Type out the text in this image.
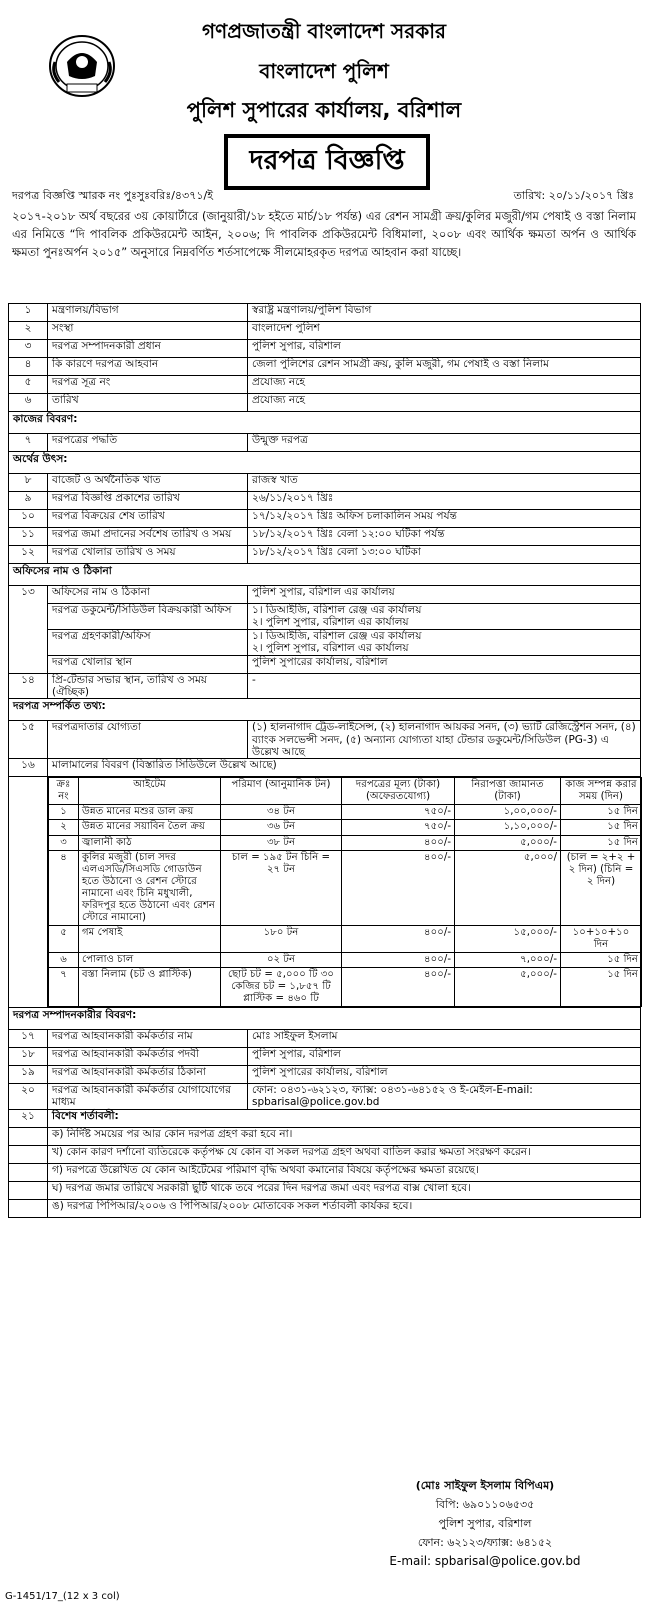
গণপ্রজাতন্ত্রী বাংলাদেশ সরকার
বাংলাদেশ পুলিশ
পুলিশ সুপারের কার্যালয়, বরিশাল
দরপত্র বিজ্ঞপ্তি
দরপত্র বিজ্ঞপ্তি স্মারক নং পুঃসুঃবরিঃ/৪৩৭১/ই	তারিখ: ২০/১১/২০১৭ খ্রিঃ
২০১৭-২০১৮ অর্থ বছরের ৩য় কোয়ার্টারে (জানুয়ারী/১৮ হইতে মার্চ/১৮ পর্যন্ত) এর রেশন সামগ্রী ক্রয়/কুলির মজুরী/গম পেষাই ও বস্তা নিলাম এর নিমিত্তে “দি পাবলিক প্রকিউরমেন্ট আইন, ২০০৬; দি পাবলিক প্রকিউরমেন্ট বিধিমালা, ২০০৮ এবং আর্থিক ক্ষমতা অর্পন ও আর্থিক ক্ষমতা পুনঃঅর্পন ২০১৫” অনুসারে নিম্নবর্ণিত শর্তসাপেক্ষে সীলমোহরকৃত দরপত্র আহবান করা যাচ্ছে।
১	মন্ত্রণালয়/বিভাগ	স্বরাষ্ট্র মন্ত্রণালয়/পুলিশ বিভাগ
২	সংস্থা	বাংলাদেশ পুলিশ
৩	দরপত্র সম্পাদনকারী প্রধান	পুলিশ সুপার, বরিশাল
৪	কি কারণে দরপত্র আহবান	জেলা পুলিশের রেশন সামগ্রী ক্রয়, কুলি মজুরী, গম পেষাই ও বস্তা নিলাম
৫	দরপত্র সূত্র নং	প্রযোজ্য নহে
৬	তারিখ	প্রযোজ্য নহে
কাজের বিবরণ:
৭	দরপত্রের পদ্ধতি	উন্মুক্ত দরপত্র
অর্থের উৎস:
৮	বাজেট ও অর্থনৈতিক খাত	রাজস্ব খাত
৯	দরপত্র বিজ্ঞপ্তি প্রকাশের তারিখ	২৬/১১/২০১৭ খ্রিঃ
১০	দরপত্র বিক্রয়ের শেষ তারিখ	১৭/১২/২০১৭ খ্রিঃ অফিস চলাকালিন সময় পর্যন্ত
১১	দরপত্র জমা প্রদানের সর্বশেষ তারিখ ও সময়	১৮/১২/২০১৭ খ্রিঃ বেলা ১২:০০ ঘটিকা পর্যন্ত
১২	দরপত্র খোলার তারিখ ও সময়	১৮/১২/২০১৭ খ্রিঃ বেলা ১৩:০০ ঘটিকা
অফিসের নাম ও ঠিকানা
১৩	অফিসের নাম ও ঠিকানা	পুলিশ সুপার, বরিশাল এর কার্যালয়
দরপত্র ডকুমেন্ট/সিডিউল বিক্রয়কারী অফিস	১। ডিআইজি, বরিশাল রেঞ্জ এর কার্যালয়
২। পুলিশ সুপার, বরিশাল এর কার্যালয়

দরপত্র গ্রহণকারী/অফিস	১। ডিআইজি, বরিশাল রেঞ্জ এর কার্যালয়
২। পুলিশ সুপার, বরিশাল এর কার্যালয়

দরপত্র খোলার স্থান	পুলিশ সুপারের কার্যালয়, বরিশাল
১৪	প্রি-টেন্ডার সভার স্থান, তারিখ ও সময় (ঐচ্ছিক)	-
দরপত্র সম্পর্কিত তথ্য:
১৫	দরপত্রদাতার যোগ্যতা	(১) হালনাগাদ ট্রেড-লাইসেন্স, (২) হালনাগাদ আয়কর সনদ, (৩) ভ্যাট রেজিস্ট্রেশন সনদ, (৪) ব্যাংক সলভেন্সী সনদ, (৫) অন্যান্য যোগ্যতা যাহা টেন্ডার ডকুমেন্ট/সিডিউল (PG-3) এ উল্লেখ আছে
১৬	মালামালের বিবরণ (বিস্তারিত সিডিউলে উল্লেখ আছে)

ক্রঃ নং	আইটেম	পরিমাণ (আনুমানিক টন)	দরপত্রের মূল্য (টাকা) (অফেরতযোগ্য)	নিরাপত্তা জামানত (টাকা)	কাজ সম্পন্ন করার সময় (দিন)
১	উন্নত মানের মশুর ডাল ক্রয়	৩৪ টন	৭৫০/-	১,০০,০০০/-	১৫ দিন
২	উন্নত মানের সয়াবিন তৈল ক্রয়	৩৬ টন	৭৫০/-	১,১০,০০০/-	১৫ দিন
৩	জ্বালানী কাঠ	৩৮ টন	৪০০/-	৫,০০০/-	১৫ দিন
৪	কুলির মজুরী (চাল সদর এলএসডি/সিএসডি গোডাউন হতে উঠানো ও রেশন স্টোরে নামানো এবং চিনি মধুখালী, ফরিদপুর হতে উঠানো এবং রেশন স্টোরে নামানো)	চাল = ১৯৫ টন চিনি = ২৭ টন	৪০০/-	৫,০০০/	(চাল = ২+২ + ২ দিন) (চিনি = ২ দিন)
৫	গম পেষাই	১৮০ টন	৪০০/-	১৫,০০০/-	১০+১০+১০ দিন
৬	পোলাও চাল	০২ টন	৪০০/-	৭,০০০/-	১৫ দিন
৭	বস্তা নিলাম (চট ও প্লাস্টিক)	ছোট চট = ৫,০০০ টি ৩০ কেজির চট = ১,৮৫৭ টি প্লাস্টিক = ৪৬০ টি	৪০০/-	৫,০০০/-	১৫ দিন

দরপত্র সম্পাদনকারীর বিবরণ:
১৭	দরপত্র আহবানকারী কর্মকর্তার নাম	মোঃ সাইফুল ইসলাম
১৮	দরপত্র আহবানকারী কর্মকর্তার পদবী	পুলিশ সুপার, বরিশাল
১৯	দরপত্র আহবানকারী কর্মকর্তার ঠিকানা	পুলিশ সুপারের কার্যালয়, বরিশাল
২০	দরপত্র আহবানকারী কর্মকর্তার যোগাযোগের মাধ্যম	ফোন: ০৪৩১-৬২১২৩, ফ্যাক্স: ০৪৩১-৬৪১৫২ ও ই-মেইল-E-mail: spbarisal@police.gov.bd
২১	বিশেষ শর্তাবলী:
	ক) নির্দিষ্ট সময়ের পর আর কোন দরপত্র গ্রহণ করা হবে না।
	খ) কোন কারণ দর্শানো ব্যতিরেকে কর্তৃপক্ষ যে কোন বা সকল দরপত্র গ্রহণ অথবা বাতিল করার ক্ষমতা সংরক্ষণ করেন।
	গ) দরপত্রে উল্লেখিত যে কোন আইটেমের পরিমাণ বৃদ্ধি অথবা কমানোর বিষয়ে কর্তৃপক্ষের ক্ষমতা রয়েছে।
	ঘ) দরপত্র জমার তারিখে সরকারী ছুটি থাকে তবে পরের দিন দরপত্র জমা এবং দরপত্র বাক্স খোলা হবে।
	ঙ) দরপত্র পিপিআর/২০০৬ ও পিপিআর/২০০৮ মোতাবেক সকল শর্তাবলী কার্যকর হবে।
(মোঃ সাইফুল ইসলাম বিপিএম)
বিপি: ৬৯০১১০৬৫৩৫
পুলিশ সুপার, বরিশাল
ফোন: ৬২১২৩/ফ্যাক্স: ৬৪১৫২
E-mail: spbarisal@police.gov.bd
G-1451/17_(12 x 3 col)
